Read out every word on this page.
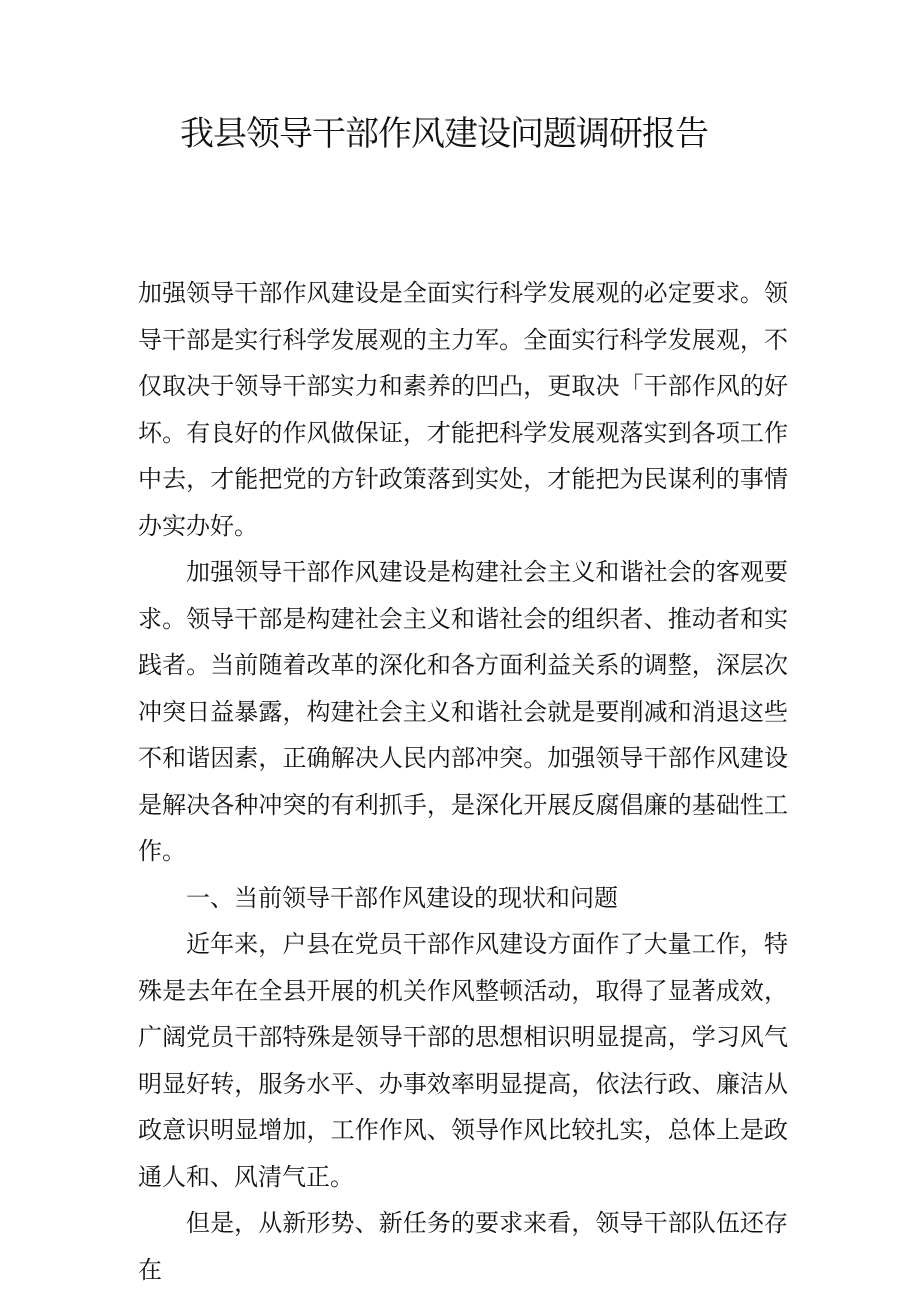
我县领导干部作风建设问题调研报告

加强领导干部作风建设是全面实行科学发展观的必定要求。领导干部是实行科学发展观的主力军。全面实行科学发展观，不仅取决于领导干部实力和素养的凹凸，更取决「干部作风的好坏。有良好的作风做保证，才能把科学发展观落实到各项工作中去，才能把党的方针政策落到实处，才能把为民谋利的事情办实办好。

加强领导干部作风建设是构建社会主义和谐社会的客观要求。领导干部是构建社会主义和谐社会的组织者、推动者和实践者。当前随着改革的深化和各方面利益关系的调整，深层次冲突日益暴露，构建社会主义和谐社会就是要削减和消退这些不和谐因素，正确解决人民内部冲突。加强领导干部作风建设是解决各种冲突的有利抓手，是深化开展反腐倡廉的基础性工作。

一、当前领导干部作风建设的现状和问题

近年来，户县在党员干部作风建设方面作了大量工作，特殊是去年在全县开展的机关作风整顿活动，取得了显著成效，广阔党员干部特殊是领导干部的思想相识明显提高，学习风气明显好转，服务水平、办事效率明显提高，依法行政、廉洁从政意识明显增加，工作作风、领导作风比较扎实，总体上是政通人和、风清气正。

但是，从新形势、新任务的要求来看，领导干部队伍还存在
